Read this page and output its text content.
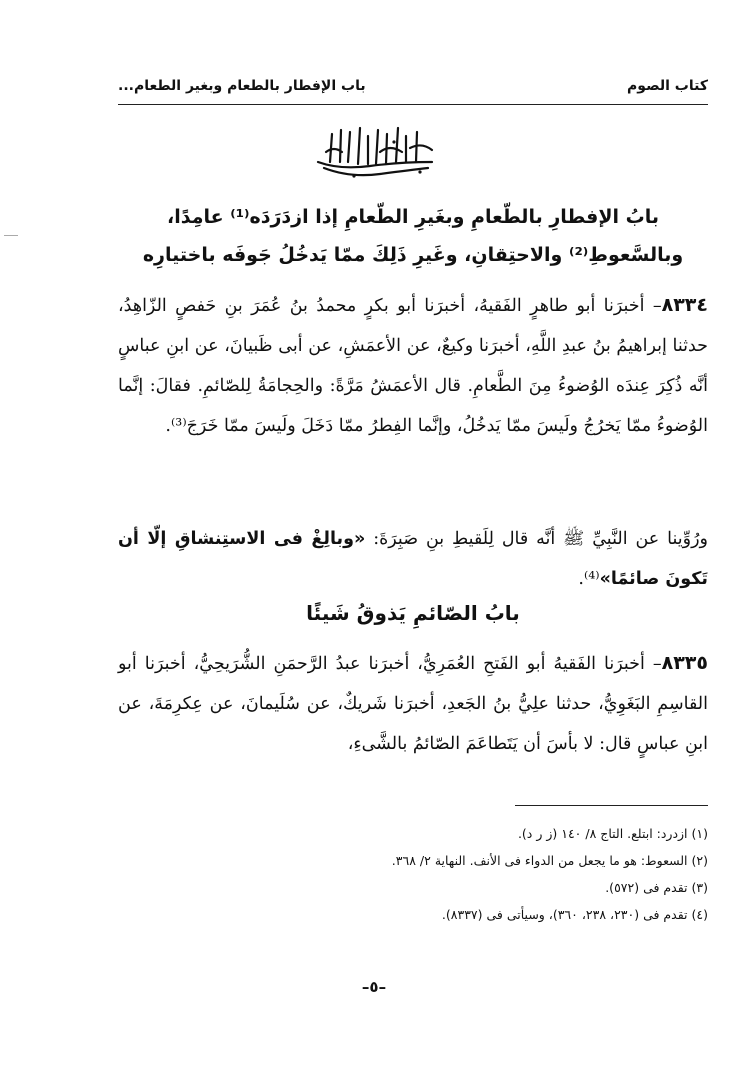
كتاب الصوم
باب الإفطار بالطعام وبغير الطعام...
بابُ الإفطارِ بالطّعامِ وبغَيرِ الطّعامِ إذا ازدَرَدَه⁽¹⁾ عامِدًا،
وبالسَّعوطِ⁽²⁾ والاحتِقانِ، وغَيرِ ذَلِكَ ممّا يَدخُلُ جَوفَه باختيارِه
٨٣٣٤– أخبرَنا أبو طاهرٍ الفَقيهُ، أخبرَنا أبو بكرٍ محمدُ بنُ عُمَرَ بنِ حَفصٍ الزّاهِدُ، حدثنا إبراهيمُ بنُ عبدِ اللَّهِ، أخبرَنا وكيعٌ، عن الأعمَشِ، عن أبى ظَبيانَ، عن ابنِ عباسٍ أنَّه ذُكِرَ عِندَه الوُضوءُ مِنَ الطَّعامِ. قال الأعمَشُ مَرَّةً: والحِجامَةُ لِلصّائمِ. فقالَ: إنَّما الوُضوءُ ممّا يَخرُجُ ولَيسَ ممّا يَدخُلُ، وإنَّما الفِطرُ ممّا دَخَلَ ولَيسَ ممّا خَرَجَ⁽³⁾.
ورُوِّينا عن النَّبِيِّ ﷺ أنَّه قال لِلَقيطِ بنِ صَبِرَةَ: «وبالِغْ فى الاستِنشاقِ إلّا أن تَكونَ صائمًا»⁽⁴⁾.
بابُ الصّائمِ يَذوقُ شَيئًا
٨٣٣٥– أخبرَنا الفَقيهُ أبو الفَتحِ العُمَرِيُّ، أخبرَنا عبدُ الرَّحمَنِ الشُّرَيحِيُّ، أخبرَنا أبو القاسِمِ البَغَوِيُّ، حدثنا علِيُّ بنُ الجَعدِ، أخبرَنا شَريكٌ، عن سُلَيمانَ، عن عِكرِمَةَ، عن ابنِ عباسٍ قال: لا بأسَ أن يَتَطاعَمَ الصّائمُ بالشَّىءِ،
(١) ازدرد: ابتلع. التاج ٨/ ١٤٠ (ز ر د).
(٢) السعوط: هو ما يجعل من الدواء فى الأنف. النهاية ٢/ ٣٦٨.
(٣) تقدم فى (٥٧٢).
(٤) تقدم فى (٢٣٠، ٢٣٨، ٣٦٠)، وسيأتى فى (٨٣٣٧).
–٥–
